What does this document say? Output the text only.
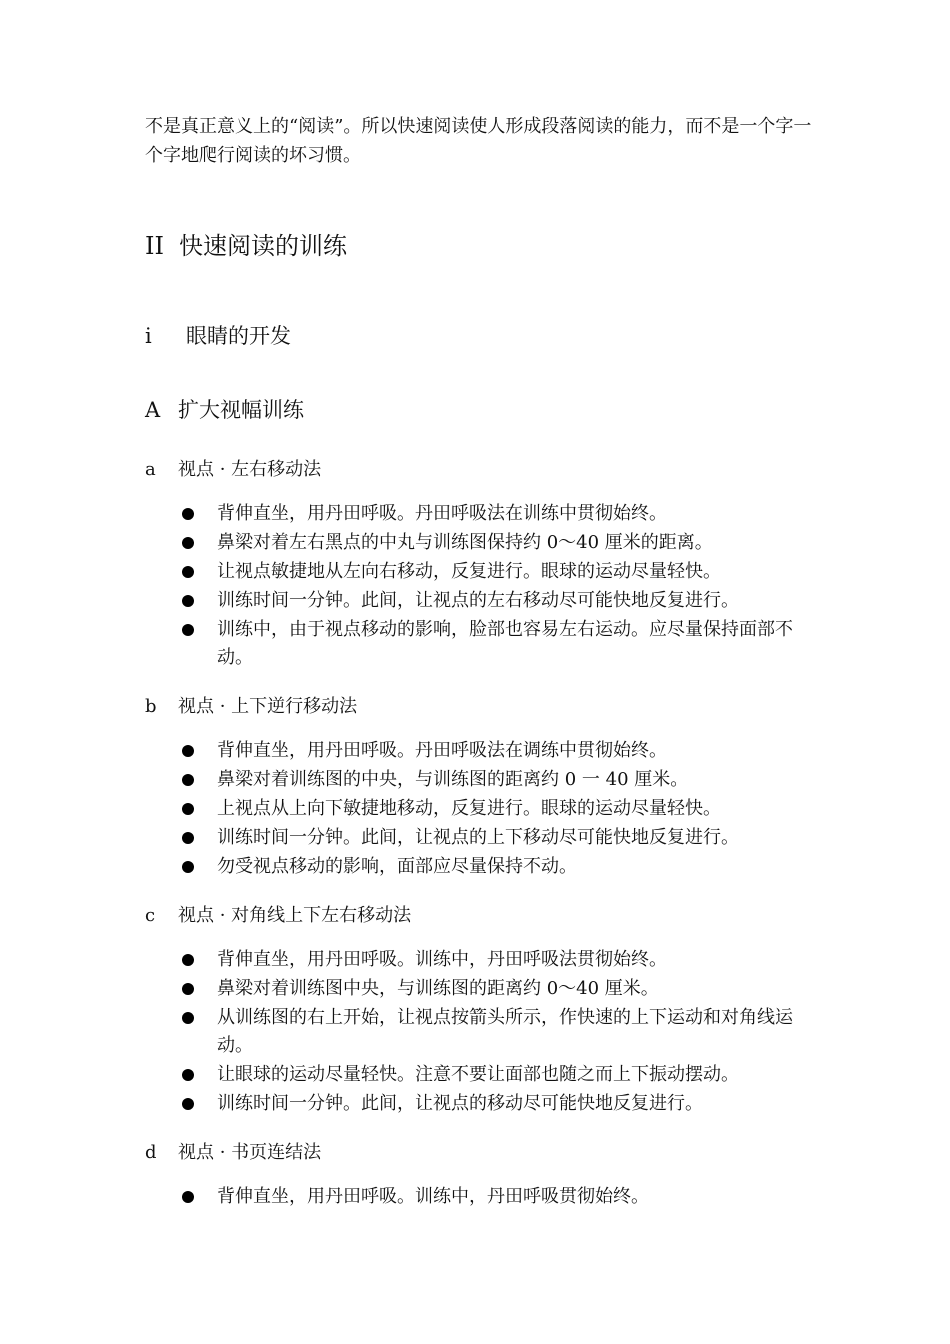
不是真正意义上的“阅读”。所以快速阅读使人形成段落阅读的能力，而不是一个字一个字地爬行阅读的坏习惯。

II 快速阅读的训练
i 眼睛的开发
A 扩大视幅训练
a 视点 · 左右移动法
背伸直坐，用丹田呼吸。丹田呼吸法在训练中贯彻始终。
鼻梁对着左右黑点的中丸与训练图保持约 0～40 厘米的距离。
让视点敏捷地从左向右移动，反复进行。眼球的运动尽量轻快。
训练时间一分钟。此间，让视点的左右移动尽可能快地反复进行。
训练中，由于视点移动的影响，脸部也容易左右运动。应尽量保持面部不动。
b 视点 · 上下逆行移动法
背伸直坐，用丹田呼吸。丹田呼吸法在调练中贯彻始终。
鼻梁对着训练图的中央，与训练图的距离约 0 一 40 厘米。
上视点从上向下敏捷地移动，反复进行。眼球的运动尽量轻快。
训练时间一分钟。此间，让视点的上下移动尽可能快地反复进行。
勿受视点移动的影响，面部应尽量保持不动。
c 视点 · 对角线上下左右移动法
背伸直坐，用丹田呼吸。训练中，丹田呼吸法贯彻始终。
鼻梁对着训练图中央，与训练图的距离约 0～40 厘米。
从训练图的右上开始，让视点按箭头所示，作快速的上下运动和对角线运动。
让眼球的运动尽量轻快。注意不要让面部也随之而上下振动摆动。
训练时间一分钟。此间，让视点的移动尽可能快地反复进行。
d 视点 · 书页连结法
背伸直坐，用丹田呼吸。训练中，丹田呼吸贯彻始终。
